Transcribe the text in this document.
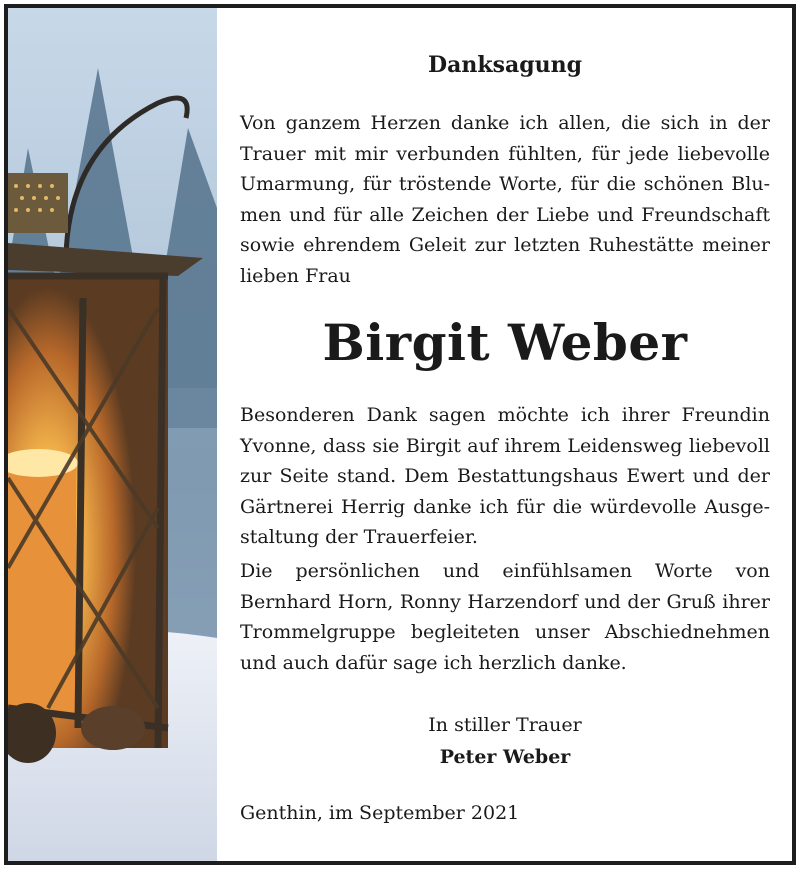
Danksagung
Von ganzem Herzen danke ich allen, die sich in der Trauer mit mir verbunden fühlten, für jede liebevolle Umarmung, für tröstende Worte, für die schönen Blumen und für alle Zeichen der Liebe und Freundschaft sowie ehrendem Geleit zur letzten Ruhestätte meiner lieben Frau
Birgit Weber
Besonderen Dank sagen möchte ich ihrer Freundin Yvonne, dass sie Birgit auf ihrem Leidensweg liebevoll zur Seite stand. Dem Bestattungshaus Ewert und der Gärtnerei Herrig danke ich für die würdevolle Ausgestaltung der Trauerfeier.
Die persönlichen und einfühlsamen Worte von Bernhard Horn, Ronny Harzendorf und der Gruß ihrer Trommelgruppe begleiteten unser Abschiednehmen und auch dafür sage ich herzlich danke.
In stiller Trauer
Peter Weber
Genthin, im September 2021
